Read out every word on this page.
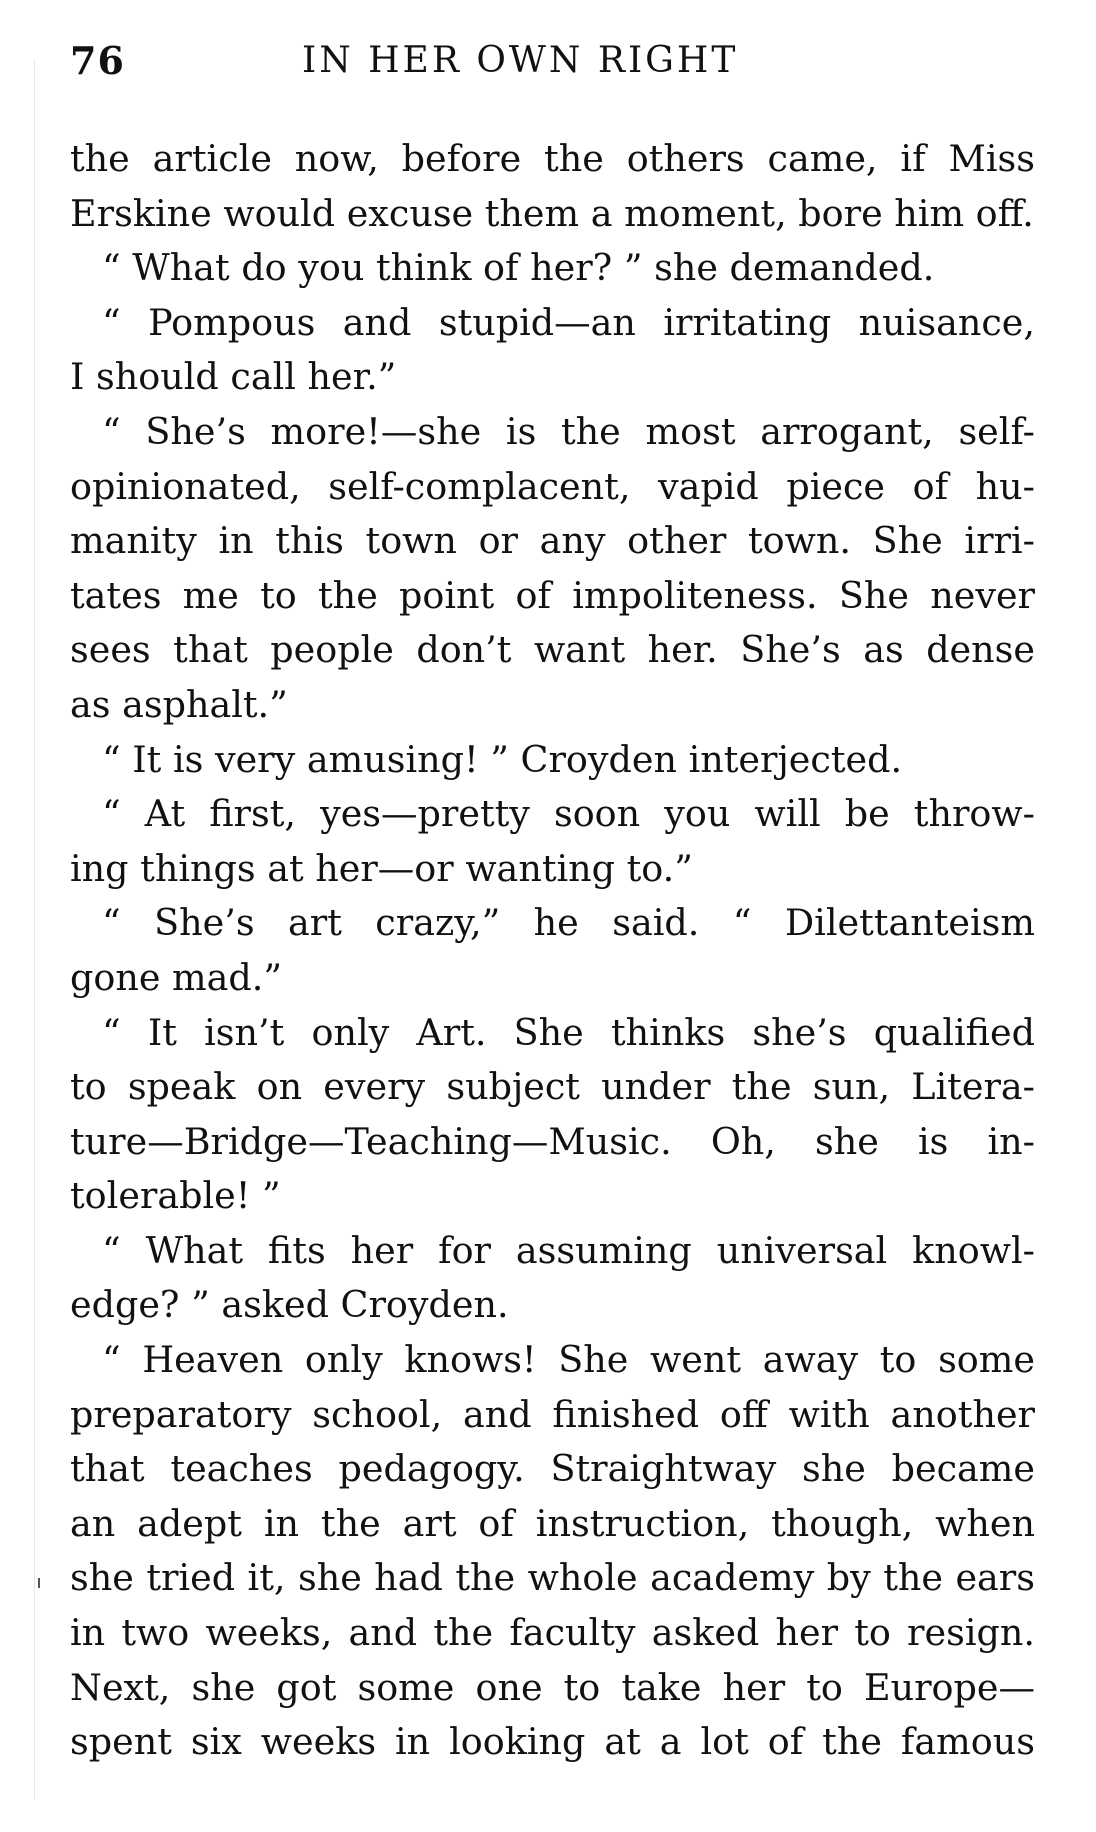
76	IN HER OWN RIGHT
the article now, before the others came, if Miss
Erskine would excuse them a moment, bore him off.
“ What do you think of her? ” she demanded.
“ Pompous and stupid—an irritating nuisance,
I should call her.”
“ She’s more!—she is the most arrogant, self-
opinionated, self-complacent, vapid piece of hu-
manity in this town or any other town. She irri-
tates me to the point of impoliteness. She never
sees that people don’t want her. She’s as dense
as asphalt.”
“ It is very amusing! ” Croyden interjected.
“ At first, yes—pretty soon you will be throw-
ing things at her—or wanting to.”
“ She’s art crazy,” he said. “ Dilettanteism
gone mad.”
“ It isn’t only Art. She thinks she’s qualified
to speak on every subject under the sun, Litera-
ture—Bridge—Teaching—Music. Oh, she is in-
tolerable! ”
“ What fits her for assuming universal knowl-
edge? ” asked Croyden.
“ Heaven only knows! She went away to some
preparatory school, and finished off with another
that teaches pedagogy. Straightway she became
an adept in the art of instruction, though, when
she tried it, she had the whole academy by the ears
in two weeks, and the faculty asked her to resign.
Next, she got some one to take her to Europe—
spent six weeks in looking at a lot of the famous
